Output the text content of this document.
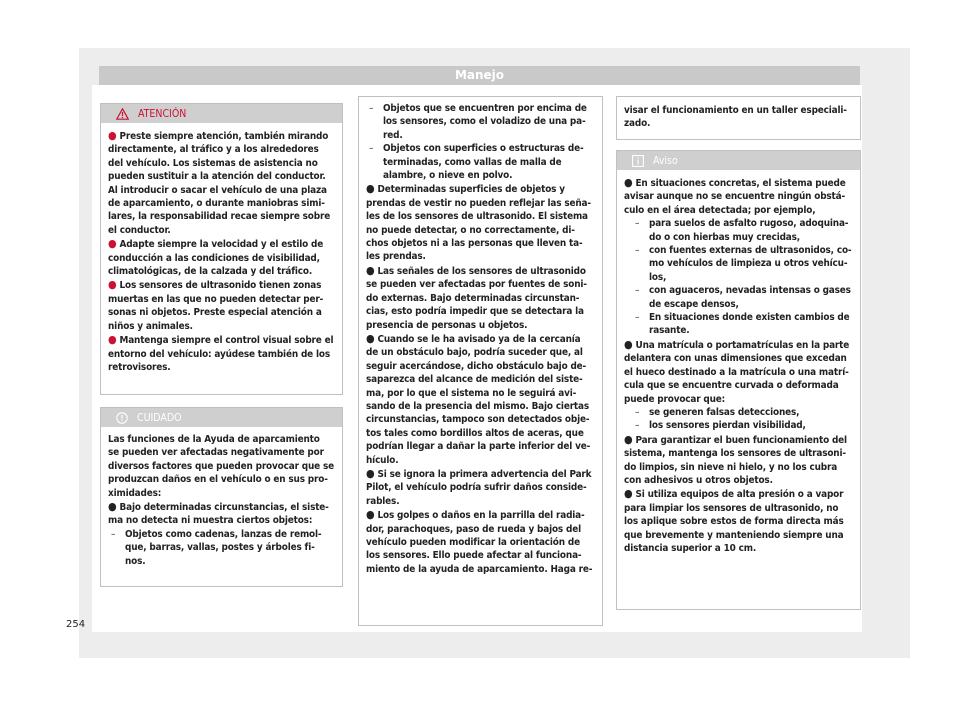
Manejo
ATENCIÓN

● Preste siempre atención, también mirando

directamente, al tráfico y a los alrededores

del vehículo. Los sistemas de asistencia no

pueden sustituir a la atención del conductor.

Al introducir o sacar el vehículo de una plaza

de aparcamiento, o durante maniobras simi-

lares, la responsabilidad recae siempre sobre

el conductor.

● Adapte siempre la velocidad y el estilo de

conducción a las condiciones de visibilidad,

climatológicas, de la calzada y del tráfico.

● Los sensores de ultrasonido tienen zonas

muertas en las que no pueden detectar per-

sonas ni objetos. Preste especial atención a

niños y animales.

● Mantenga siempre el control visual sobre el

entorno del vehículo: ayúdese también de los

retrovisores.

CUIDADO

Las funciones de la Ayuda de aparcamiento

se pueden ver afectadas negativamente por

diversos factores que pueden provocar que se

produzcan daños en el vehículo o en sus pro-

ximidades:

● Bajo determinadas circunstancias, el siste-

ma no detecta ni muestra ciertos objetos:

– Objetos como cadenas, lanzas de remol-

que, barras, vallas, postes y árboles fi-

nos.

– Objetos que se encuentren por encima de

los sensores, como el voladizo de una pa-

red.

– Objetos con superficies o estructuras de-

terminadas, como vallas de malla de

alambre, o nieve en polvo.

● Determinadas superficies de objetos y

prendas de vestir no pueden reflejar las seña-

les de los sensores de ultrasonido. El sistema

no puede detectar, o no correctamente, di-

chos objetos ni a las personas que lleven ta-

les prendas.

● Las señales de los sensores de ultrasonido

se pueden ver afectadas por fuentes de soni-

do externas. Bajo determinadas circunstan-

cias, esto podría impedir que se detectara la

presencia de personas u objetos.

● Cuando se le ha avisado ya de la cercanía

de un obstáculo bajo, podría suceder que, al

seguir acercándose, dicho obstáculo bajo de-

saparezca del alcance de medición del siste-

ma, por lo que el sistema no le seguirá avi-

sando de la presencia del mismo. Bajo ciertas

circunstancias, tampoco son detectados obje-

tos tales como bordillos altos de aceras, que

podrían llegar a dañar la parte inferior del ve-

hículo.

● Si se ignora la primera advertencia del Park

Pilot, el vehículo podría sufrir daños conside-

rables.

● Los golpes o daños en la parrilla del radia-

dor, parachoques, paso de rueda y bajos del

vehículo pueden modificar la orientación de

los sensores. Ello puede afectar al funciona-

miento de la ayuda de aparcamiento. Haga re-

visar el funcionamiento en un taller especiali-

zado.

Aviso

● En situaciones concretas, el sistema puede

avisar aunque no se encuentre ningún obstá-

culo en el área detectada; por ejemplo,

– para suelos de asfalto rugoso, adoquina-

do o con hierbas muy crecidas,

– con fuentes externas de ultrasonidos, co-

mo vehículos de limpieza u otros vehícu-

los,

– con aguaceros, nevadas intensas o gases

de escape densos,

– En situaciones donde existen cambios de

rasante.

● Una matrícula o portamatrículas en la parte

delantera con unas dimensiones que excedan

el hueco destinado a la matrícula o una matrí-

cula que se encuentre curvada o deformada

puede provocar que:

– se generen falsas detecciones,

– los sensores pierdan visibilidad,

● Para garantizar el buen funcionamiento del

sistema, mantenga los sensores de ultrasoni-

do limpios, sin nieve ni hielo, y no los cubra

con adhesivos u otros objetos.

● Si utiliza equipos de alta presión o a vapor

para limpiar los sensores de ultrasonido, no

los aplique sobre estos de forma directa más

que brevemente y manteniendo siempre una

distancia superior a 10 cm.

254
